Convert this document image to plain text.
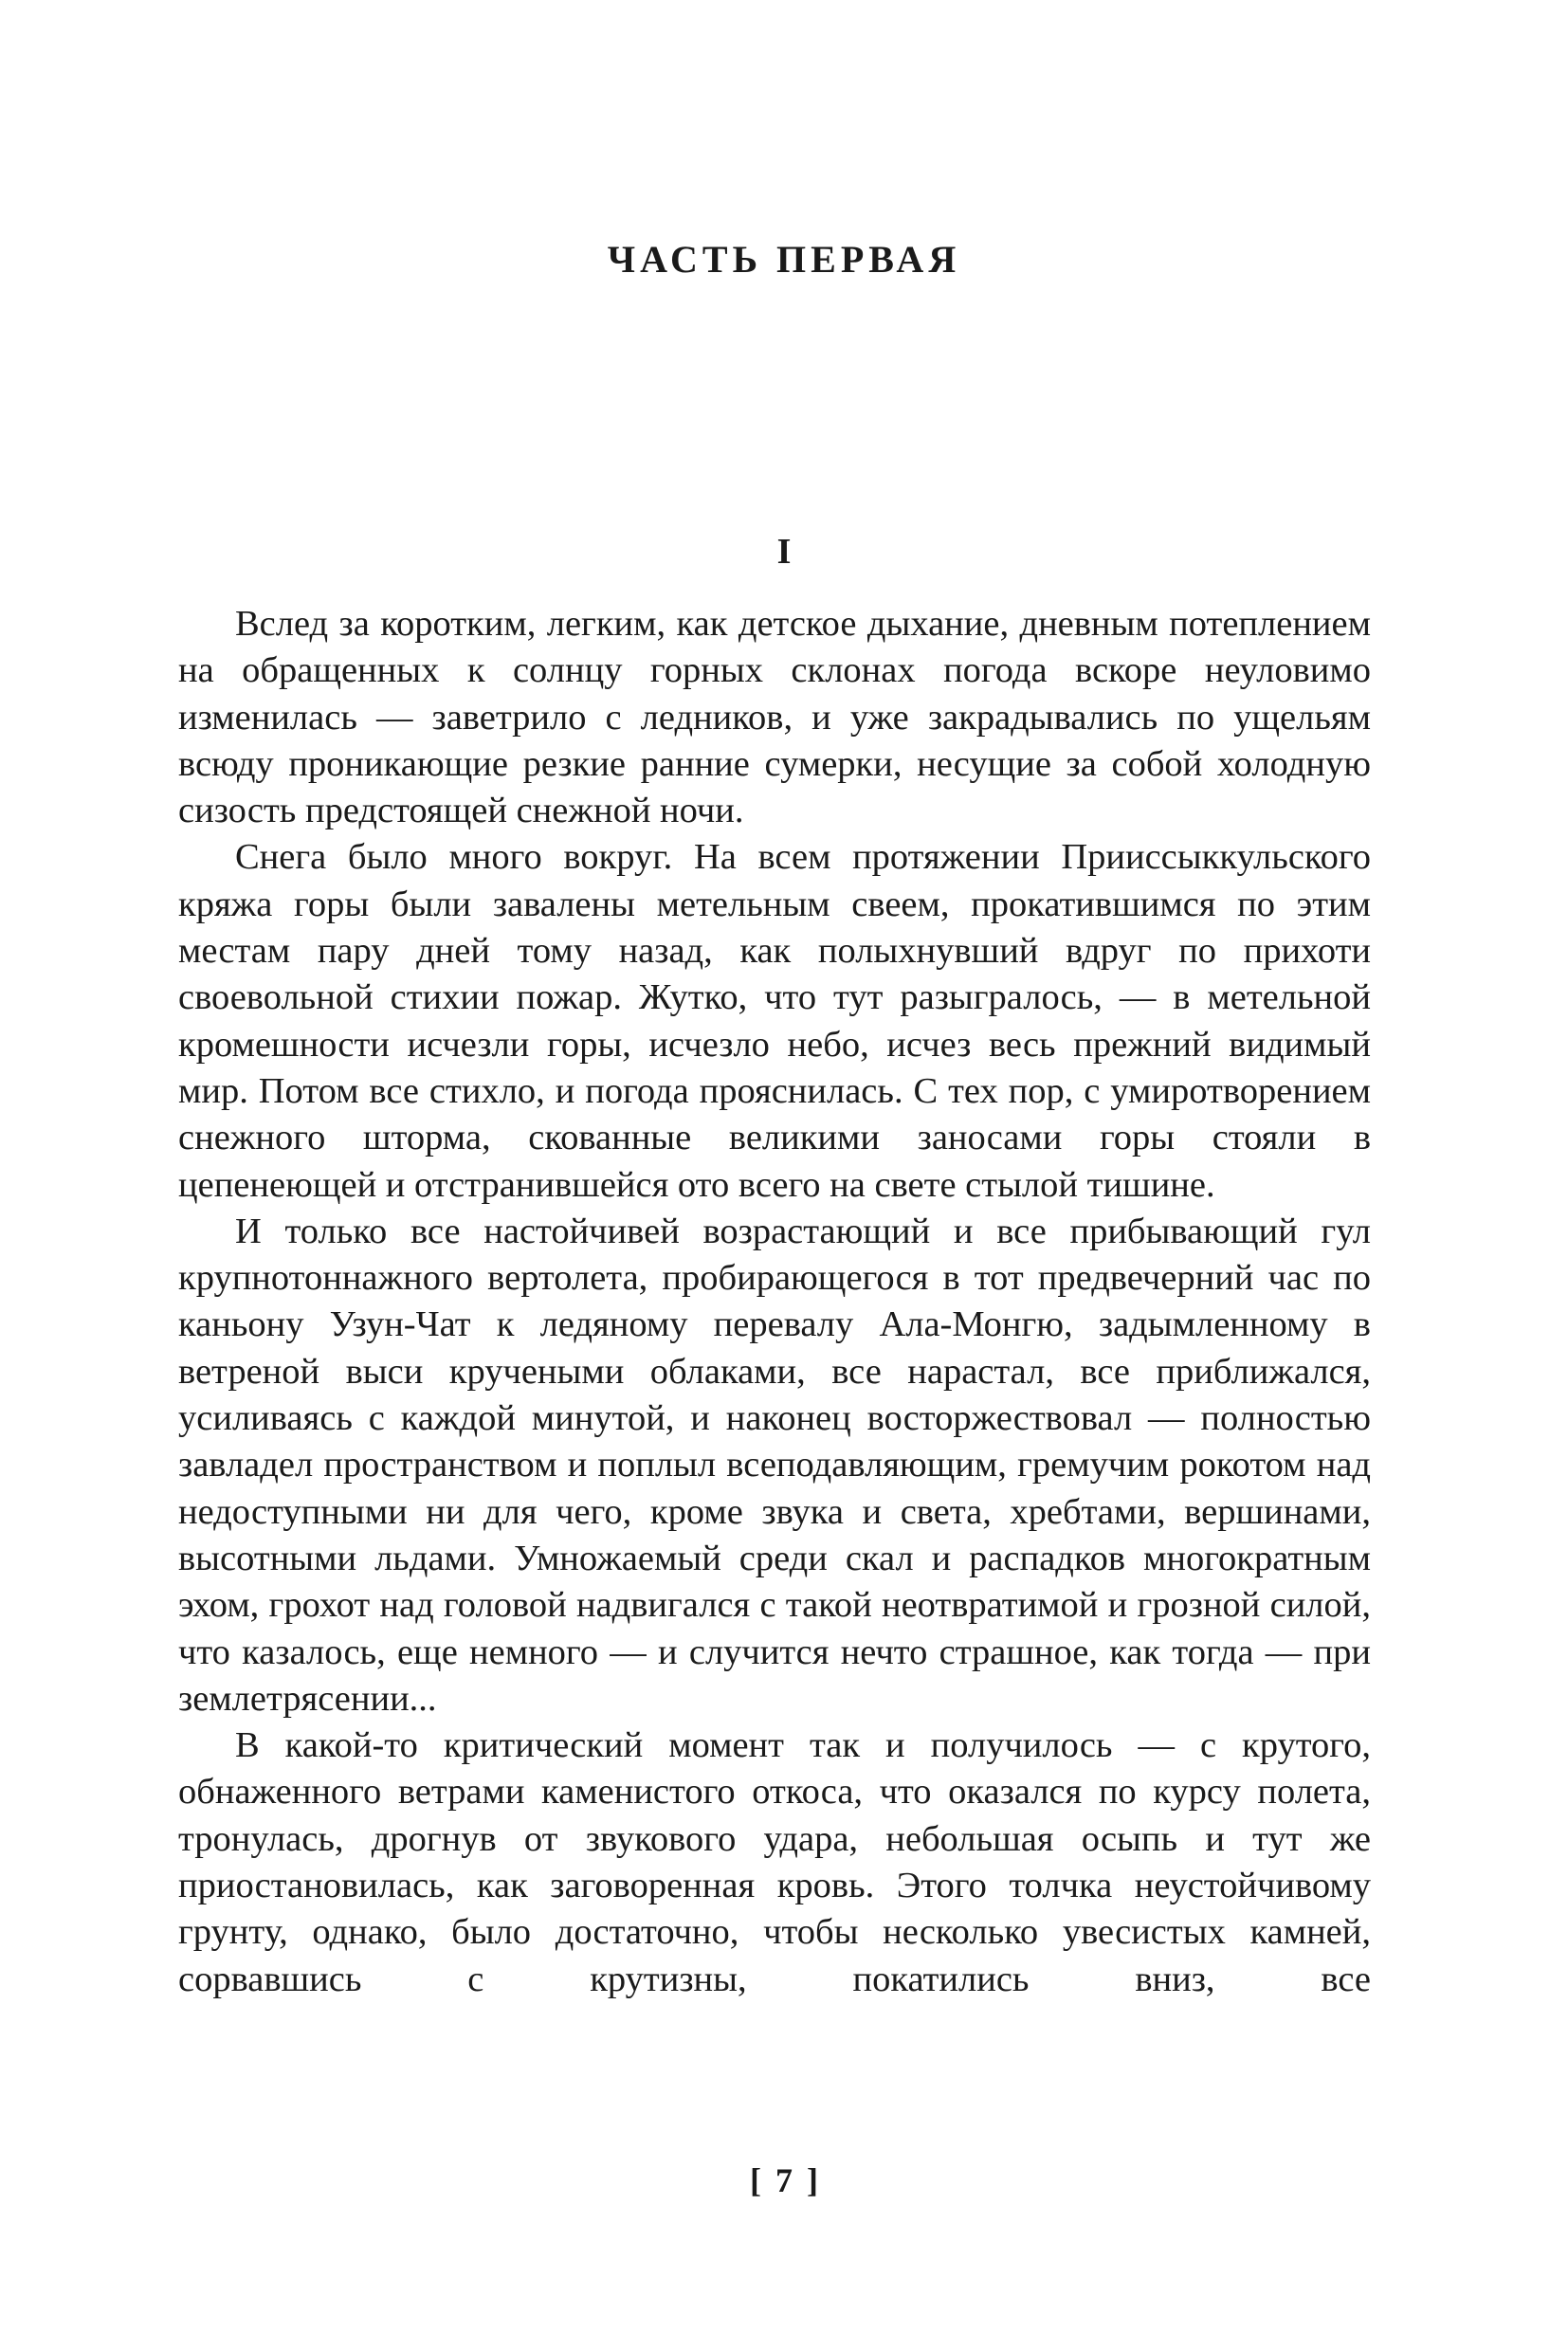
ЧАСТЬ ПЕРВАЯ
I

Вслед за коротким, легким, как детское дыхание, дневным потеплением на обращенных к солнцу горных склонах погода вскоре неуловимо изменилась — заветрило с ледников, и уже закрадывались по ущельям всюду проникающие резкие ранние сумерки, несущие за собой холодную сизость предстоящей снежной ночи.

Снега было много вокруг. На всем протяжении Приисcыккульского кряжа горы были завалены метельным свеем, прокатившимся по этим местам пару дней тому назад, как полыхнувший вдруг по прихоти своевольной стихии пожар. Жутко, что тут разыгралось, — в метельной кромешности исчезли горы, исчезло небо, исчез весь прежний видимый мир. Потом все стихло, и погода прояснилась. С тех пор, с умиротворением снежного шторма, скованные великими заносами горы стояли в цепенеющей и отстранившейся ото всего на свете стылой тишине.

И только все настойчивей возрастающий и все прибывающий гул крупнотоннажного вертолета, пробирающегося в тот предвечерний час по каньону Узун-Чат к ледяному перевалу Ала-Монгю, задымленному в ветреной выси кручеными облаками, все нарастал, все приближался, усиливаясь с каждой минутой, и наконец восторжествовал — полностью завладел пространством и поплыл всеподавляющим, гремучим рокотом над недоступными ни для чего, кроме звука и света, хребтами, вершинами, высотными льдами. Умножаемый среди скал и распадков многократным эхом, грохот над головой надвигался с такой неотвратимой и грозной силой, что казалось, еще немного — и случится нечто страшное, как тогда — при землетрясении...

В какой-то критический момент так и получилось — с крутого, обнаженного ветрами каменистого откоса, что оказался по курсу полета, тронулась, дрогнув от звукового удара, небольшая осыпь и тут же приостановилась, как заговоренная кровь. Этого толчка неустойчивому грунту, однако, было достаточно, чтобы несколько увесистых камней, сорвавшись с крутизны, покатились вниз, все

[ 7 ]
